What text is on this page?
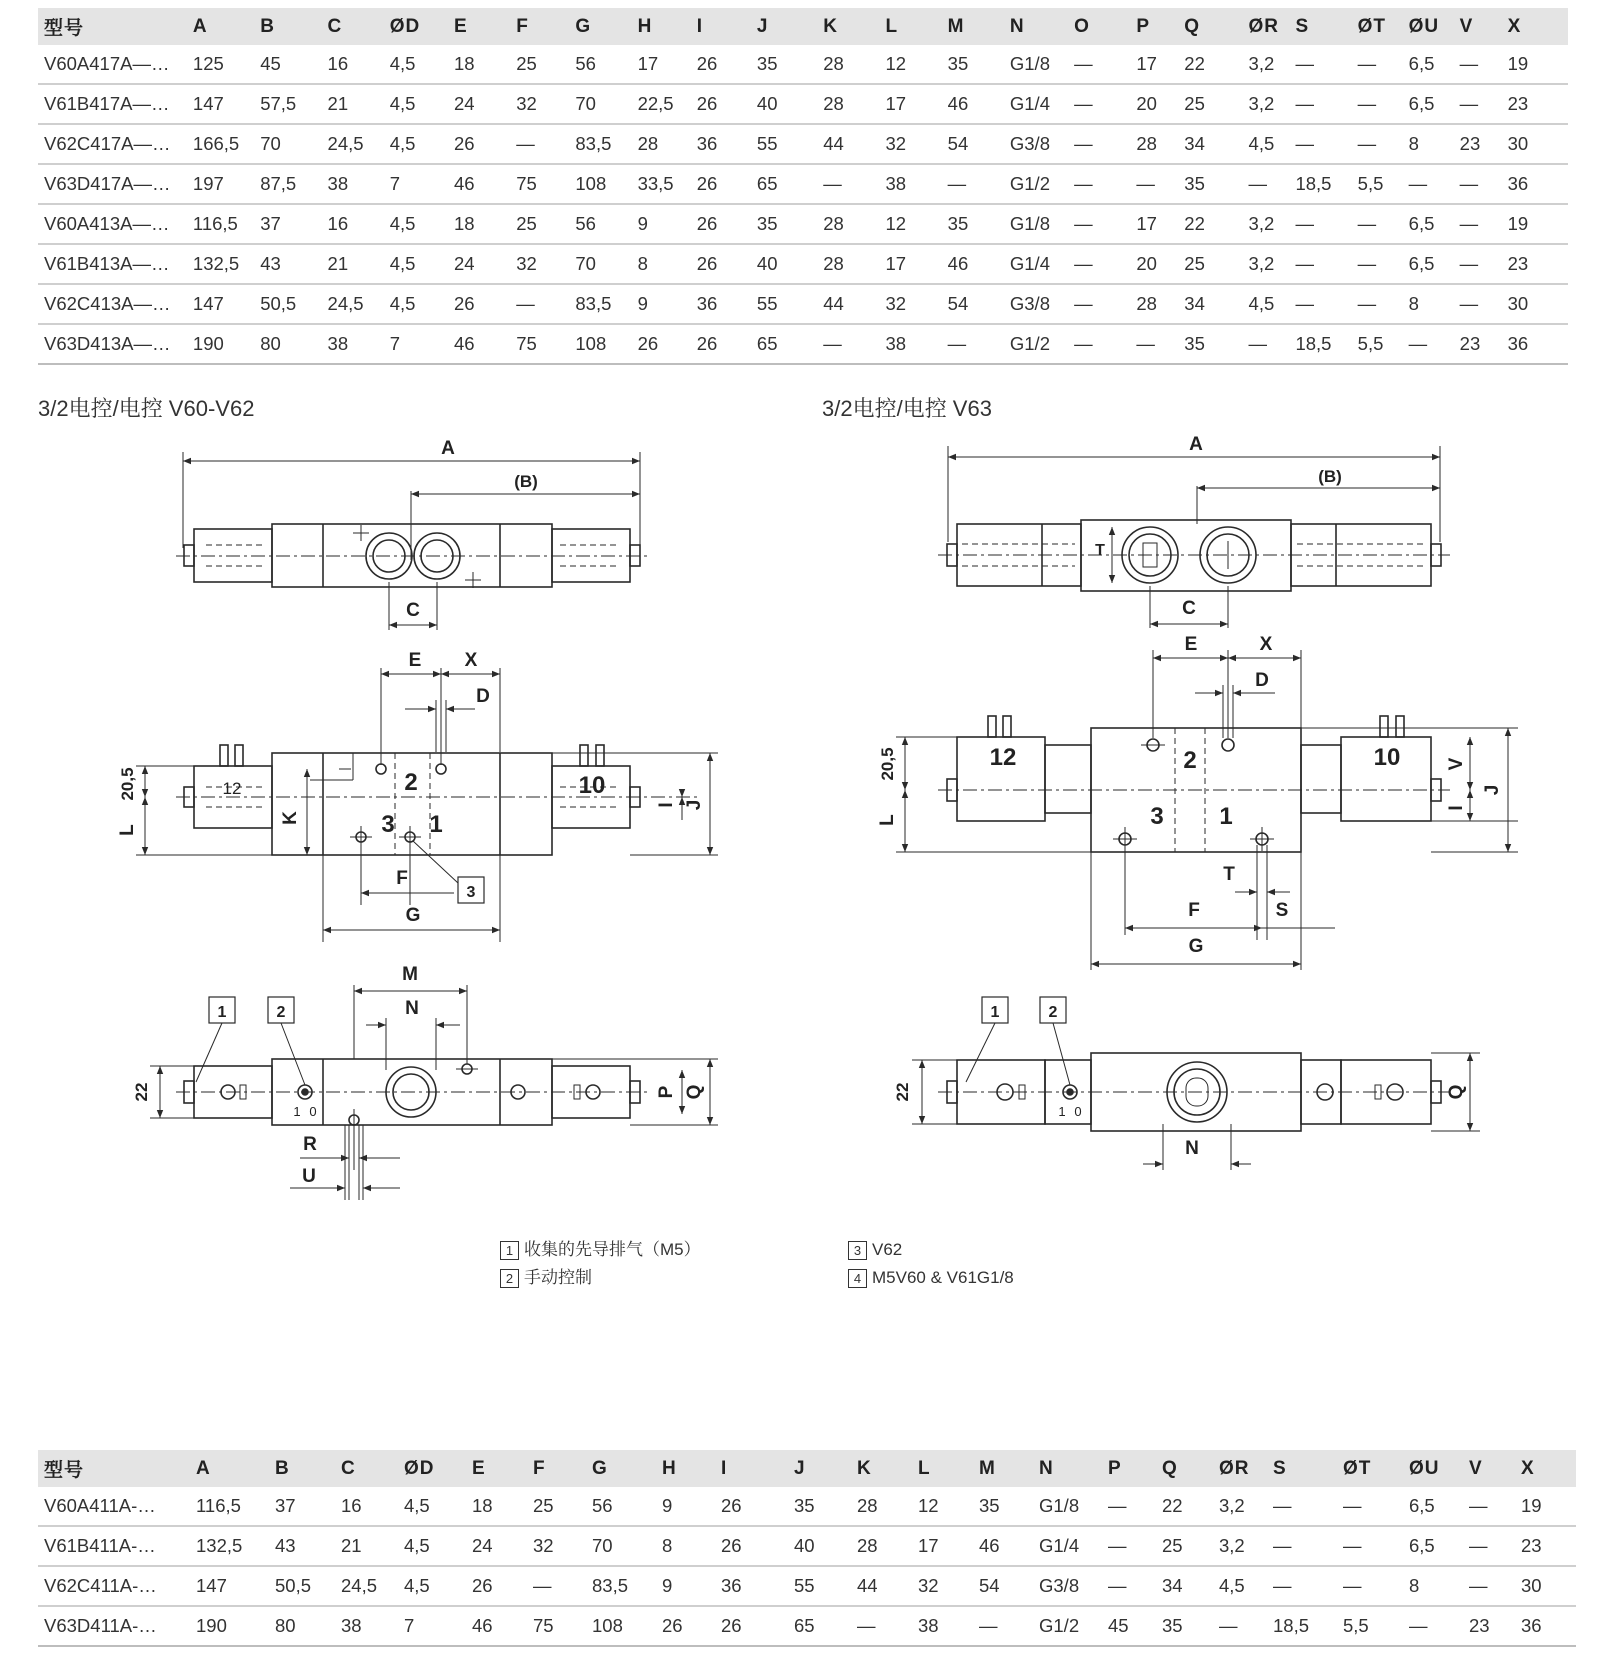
型号	A	B	C	ØD	E	F	G	H	I	J	K	L	M	N	O	P	Q	ØR	S	ØT	ØU	V	X
V60A417A—…	125	45	16	4,5	18	25	56	17	26	35	28	12	35	G1/8	—	17	22	3,2	—	—	6,5	—	19
V61B417A—…	147	57,5	21	4,5	24	32	70	22,5	26	40	28	17	46	G1/4	—	20	25	3,2	—	—	6,5	—	23
V62C417A—…	166,5	70	24,5	4,5	26	—	83,5	28	36	55	44	32	54	G3/8	—	28	34	4,5	—	—	8	23	30
V63D417A—…	197	87,5	38	7	46	75	108	33,5	26	65	—	38	—	G1/2	—	—	35	—	18,5	5,5	—	—	36
V60A413A—…	116,5	37	16	4,5	18	25	56	9	26	35	28	12	35	G1/8	—	17	22	3,2	—	—	6,5	—	19
V61B413A—…	132,5	43	21	4,5	24	32	70	8	26	40	28	17	46	G1/4	—	20	25	3,2	—	—	6,5	—	23
V62C413A—…	147	50,5	24,5	4,5	26	—	83,5	9	36	55	44	32	54	G3/8	—	28	34	4,5	—	—	8	—	30
V63D413A—…	190	80	38	7	46	75	108	26	26	65	—	38	—	G1/2	—	—	35	—	18,5	5,5	—	23	36
3/2电控/电控 V60-V62	3/2电控/电控 V63
A
(B)
C
E X
D
K
20,5
L
I J
F
G
M
N
R
U
P Q
22
12	10
2
3 1
3
1	2
1 0
A
(B)
T
C
E	X
D
20,5
L
V
I
J
T
F	S
G
N
Q
22
12	10
2
3 1
1	2
1 0
1 收集的先导排气（M5）
2 手动控制
3 V62
4 M5V60 & V61G1/8
型号	A	B	C	ØD	E	F	G	H	I	J	K	L	M	N	P	Q	ØR	S	ØT	ØU	V	X
V60A411A-…	116,5	37	16	4,5	18	25	56	9	26	35	28	12	35	G1/8	—	22	3,2	—	—	6,5	—	19
V61B411A-…	132,5	43	21	4,5	24	32	70	8	26	40	28	17	46	G1/4	—	25	3,2	—	—	6,5	—	23
V62C411A-…	147	50,5	24,5	4,5	26	—	83,5	9	36	55	44	32	54	G3/8	—	34	4,5	—	—	8	—	30
V63D411A-…	190	80	38	7	46	75	108	26	26	65	—	38	—	G1/2	45	35	—	18,5	5,5	—	23	36
